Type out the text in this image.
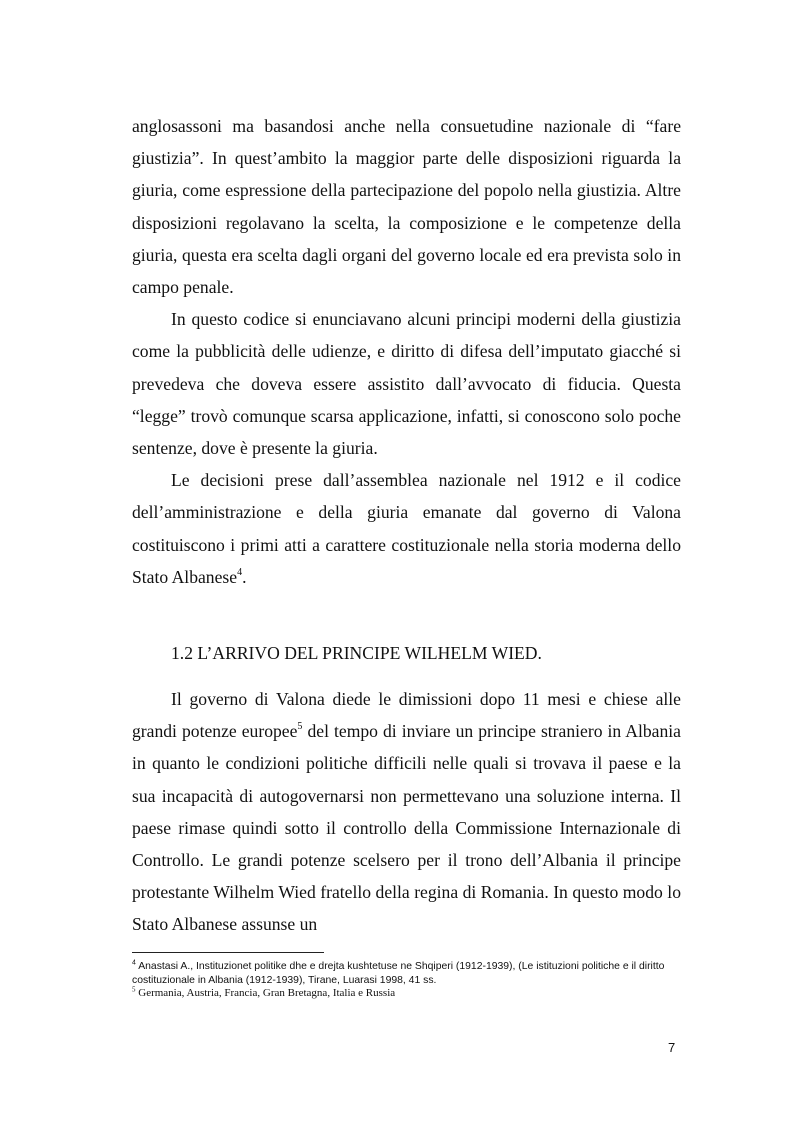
anglosassoni ma basandosi anche nella consuetudine nazionale di “fare giustizia”. In quest’ambito la maggior parte delle disposizioni riguarda la giuria, come espressione della partecipazione del popolo nella giustizia. Altre disposizioni regolavano la scelta, la composizione e le competenze della giuria, questa era scelta dagli organi del governo locale ed era prevista solo in campo penale.

In questo codice si enunciavano alcuni principi moderni della giustizia come la pubblicità delle udienze, e diritto di difesa dell’imputato giacché si prevedeva che doveva essere assistito dall’avvocato di fiducia. Questa “legge” trovò comunque scarsa applicazione, infatti, si conoscono solo poche sentenze, dove è presente la giuria.

Le decisioni prese dall’assemblea nazionale nel 1912 e il codice dell’amministrazione e della giuria emanate dal governo di Valona costituiscono i primi atti a carattere costituzionale nella storia moderna dello Stato Albanese$^4$.

1.2 L’ARRIVO DEL PRINCIPE WILHELM WIED.

Il governo di Valona diede le dimissioni dopo 11 mesi e chiese alle grandi potenze europee$^5$ del tempo di inviare un principe straniero in Albania in quanto le condizioni politiche difficili nelle quali si trovava il paese e la sua incapacità di autogovernarsi non permettevano una soluzione interna. Il paese rimase quindi sotto il controllo della Commissione Internazionale di Controllo. Le grandi potenze scelsero per il trono dell’Albania il principe protestante Wilhelm Wied fratello della regina di Romania. In questo modo lo Stato Albanese assunse un

$^4$ Anastasi A., Instituzionet politike dhe e drejta kushtetuse ne Shqiperi (1912-1939), (Le istituzioni politiche e il diritto costituzionale in Albania (1912-1939), Tirane, Luarasi 1998, 41 ss.

$^5$ Germania, Austria, Francia, Gran Bretagna, Italia e Russia

7
